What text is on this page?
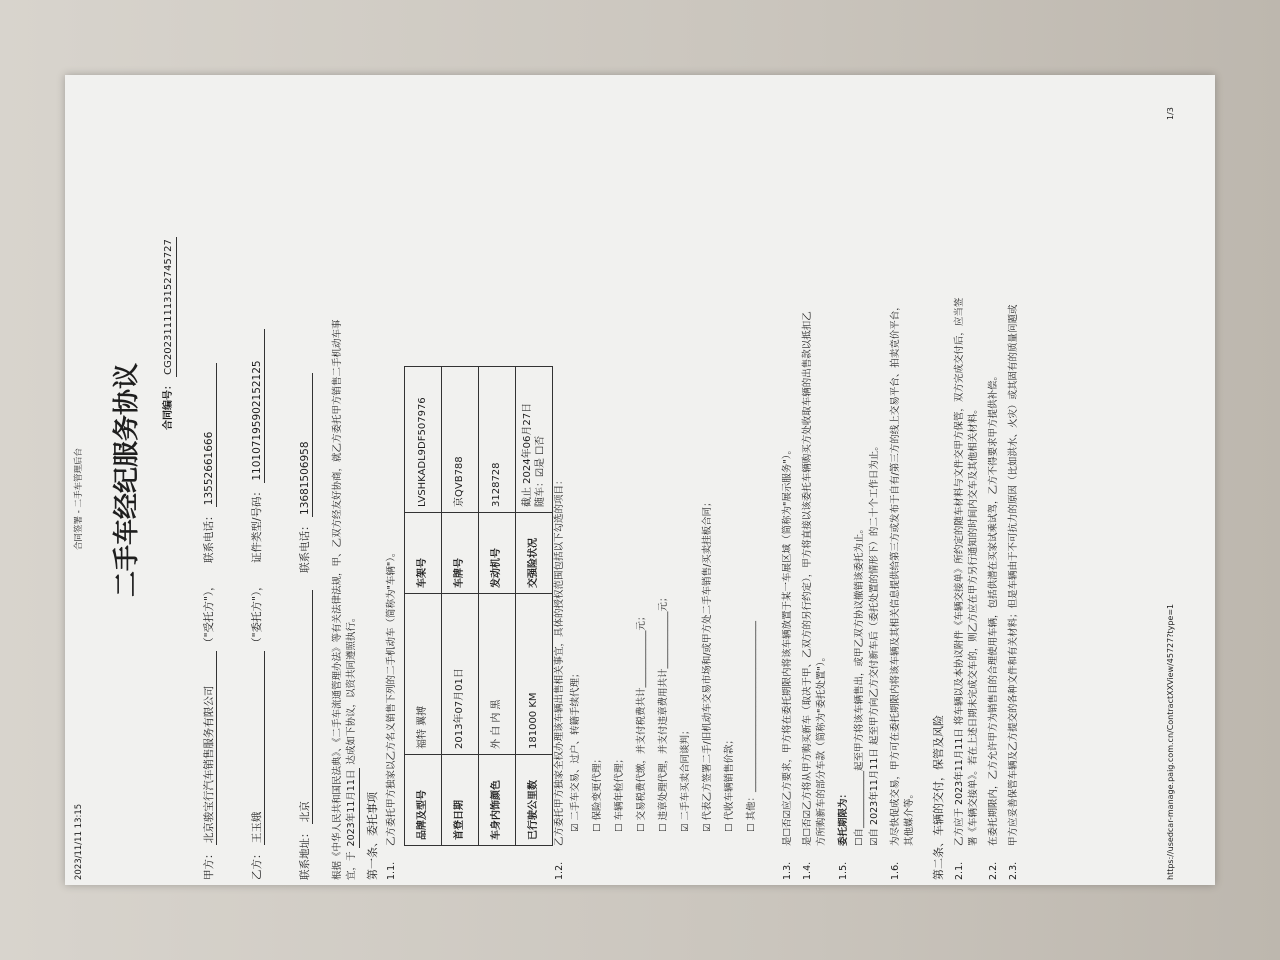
2023/11/11 13:15
合同签署 - 二手车管理后台 二手车经纪服务协议	合同编号： CG2023111113152745727
甲方： 北京骏宝行汽车销售服务有限公司 （"受托方"）， 联系电话： 13552661666
乙方： 王玉娥 （"委托方"）， 证件类型/号码： 110107195902152125
联系地址： 北京 联系电话： 13681506958 根据《中华人民共和国民法典》、《二手车流通管理办法》等有关法律法规，甲、乙双方经友好协商，就乙方委托甲方销售二手机动车事 宜，于 2023年11月11日 达成如下协议，以资共同遵照执行。
第一条、委托事项 1.1.
乙方委托甲方独家以乙方名义销售下列的二手机动车（简称为"车辆"）。 品牌及型号	福特 翼搏	车架号	LVSHKADL9DF507976
首登日期	2013年07月01日	车牌号	京QVB788
车身内饰颜色	外 白 内 黑	发动机号	3128728
已行驶公里数	181000 KM	交强险状况	截止 2024年06月27日 随车：☑是 ☐否
1.2.
乙方委托甲方独家全权办理该车辆出售相关事宜，具体的授权范围包括以下勾选的项目： ☑ 二手车交易、过户、转籍手续代理；	☐ 保险变更代理；	☐ 车辆年检代理；	☐ 交易税费代缴，并支付税费共计____________元；	☐ 违章处理代理，并支付违章费用共计____________元；	☑ 二手车买卖合同谈判；	☑ 代表乙方签署二手/旧机动车交易市场和/或甲方处二手车销售/买卖挂板合同；	☐ 代收车辆销售价款；	☐ 其他：____________________________________
1.3.
是☐否☑应乙方要求，甲方将在委托期限内将该车辆放置于某一车展区域（简称为"展示服务"）。
1.4.
是☐否☑乙方将从甲方购买新车（取决于甲、乙双方的另行约定），甲方将直接以该委托车辆购买方处收取车辆的出售款以抵扣乙 方所购新车的部分车款（简称为"委托处置"）。
1.5.
委托期限为： ☐自____________起至甲方将该车辆售出，或甲乙双方协议撤销该委托为止。 ☑自 2023年11月11日 起至甲方向乙方交付新车后（委托处置的情形下）的二十个工作日为止。
1.6.
为尽快促成交易，甲方可在委托期限内将该车辆及其相关信息提供给第三方或发布于自有/第三方的线上交易平台、拍卖竞价平台， 其他媒介等。 第二条、车辆的交付，保管及风险 2.1.
乙方应于 2023年11月11日 将车辆以及本协议附件《车辆交接单》所约定的随车材料与文件交甲方保管，双方完成交付后，应当签 署《车辆交接单》。若在上述日期未完成交车的，则乙方应在甲方另行通知的时间内交车及其他相关材料。
2.2.
在委托期限内，乙方允许甲方为销售目的合理使用车辆，包括供潜在买家试乘试驾，乙方不得要求甲方提供补偿。
2.3.
甲方应妥善保管车辆及乙方提交的各种文件和有关材料；但是车辆由于不可抗力的原因（比如洪水、火灾）或其固有的质量问题或	https://usedcar-manage.paig.com.cn/ContractXXView/45727?type=1
1/3
